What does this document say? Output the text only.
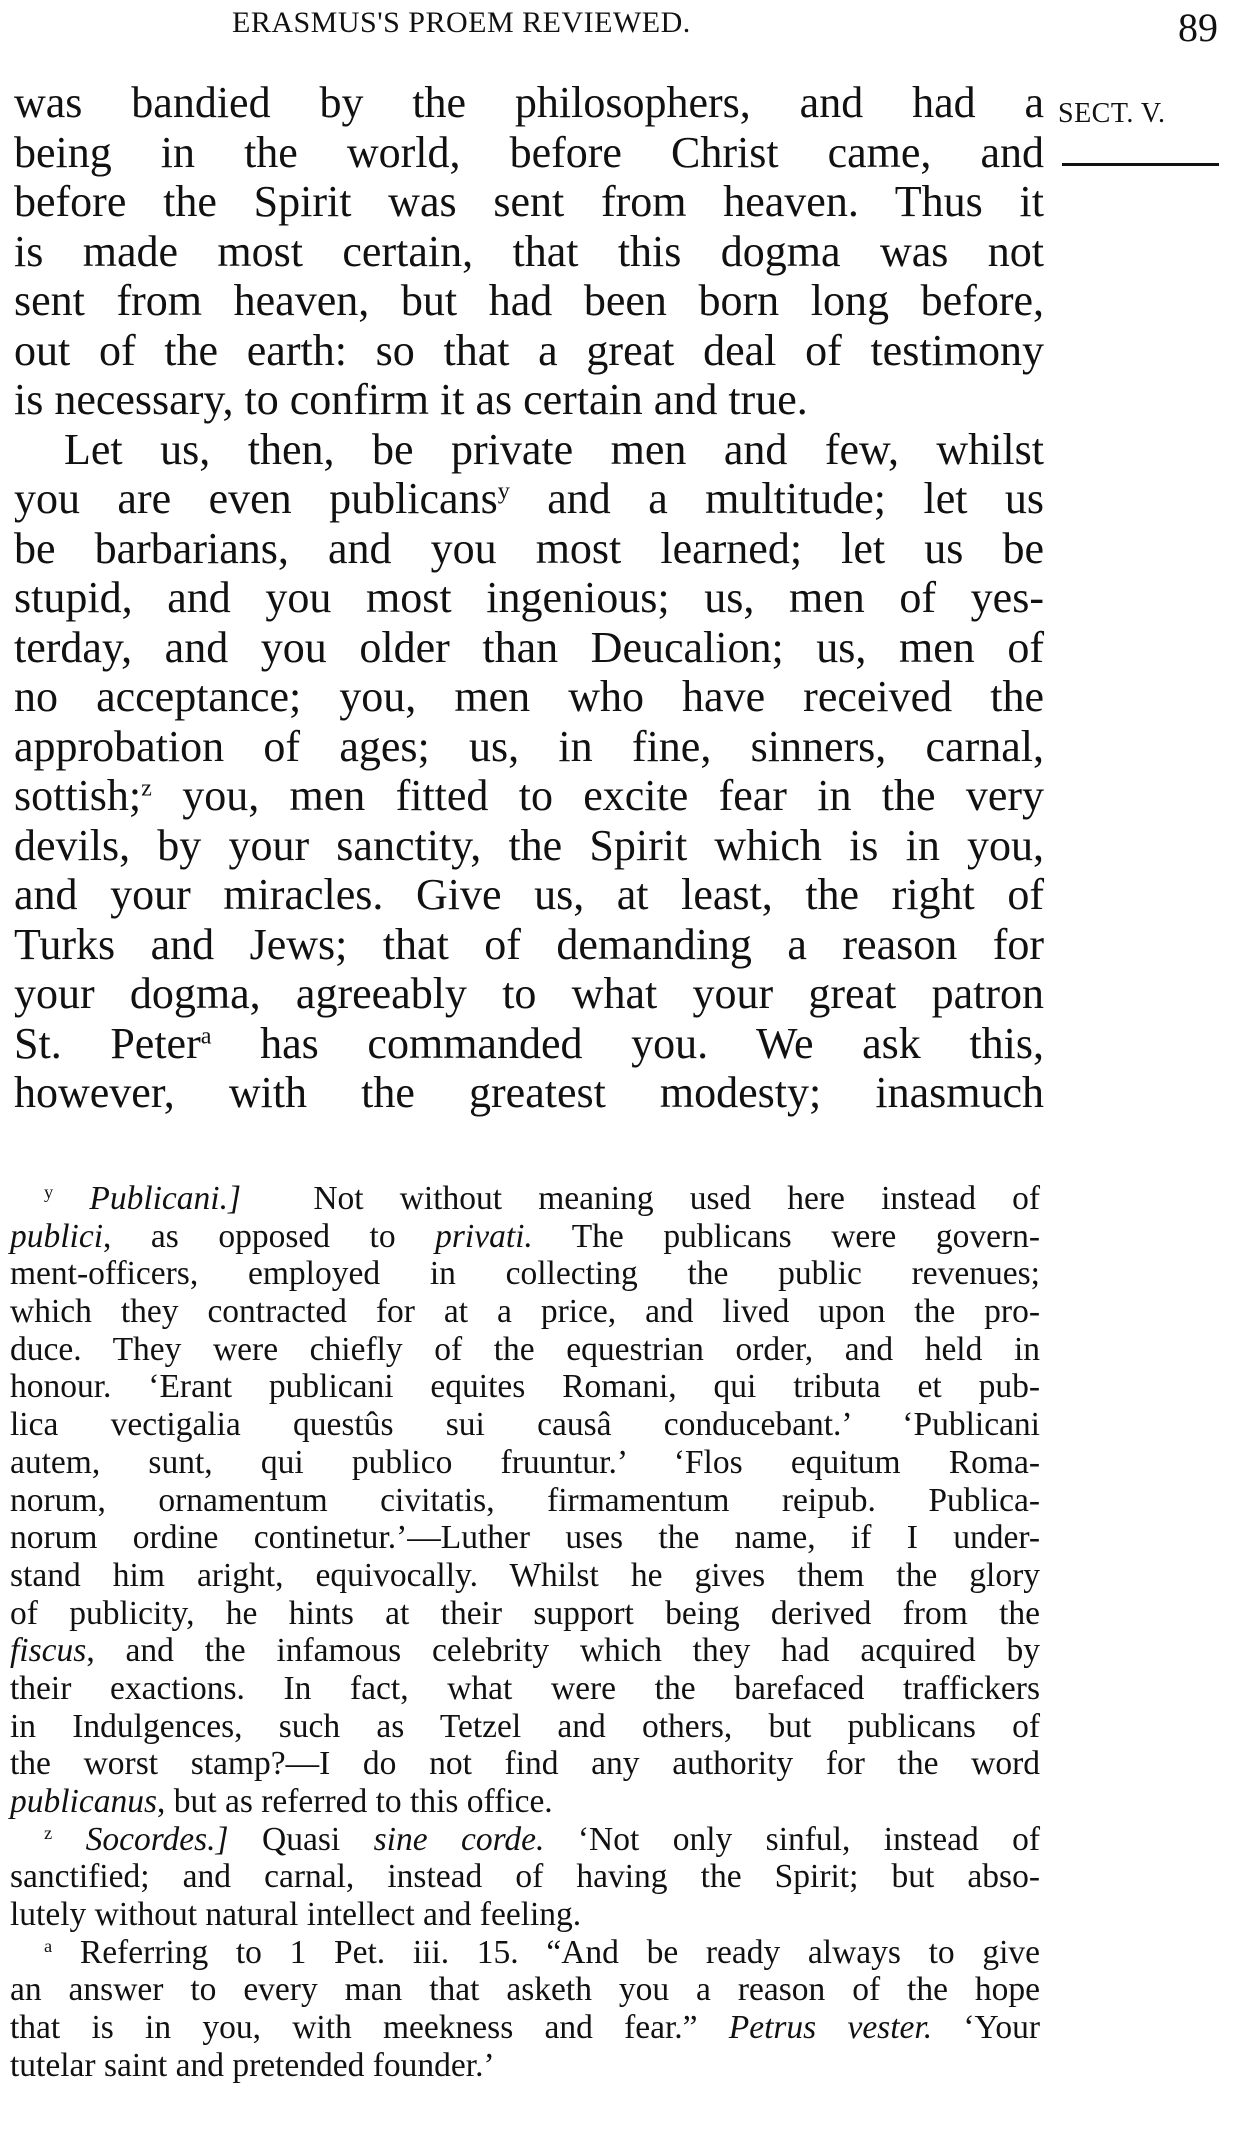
ERASMUS'S PROEM REVIEWED.	89
SECT. V.
was bandied by the philosophers, and had a
being in the world, before Christ came, and
before the Spirit was sent from heaven. Thus it
is made most certain, that this dogma was not
sent from heaven, but had been born long before,
out of the earth: so that a great deal of testimony
is necessary, to confirm it as certain and true.
Let us, then, be private men and few, whilst
you are even publicans$^y$ and a multitude; let us
be barbarians, and you most learned; let us be
stupid, and you most ingenious; us, men of yes-
terday, and you older than Deucalion; us, men of
no acceptance; you, men who have received the
approbation of ages; us, in fine, sinners, carnal,
sottish;$^z$ you, men fitted to excite fear in the very
devils, by your sanctity, the Spirit which is in you,
and your miracles. Give us, at least, the right of
Turks and Jews; that of demanding a reason for
your dogma, agreeably to what your great patron
St. Peter$^a$ has commanded you. We ask this,
however, with the greatest modesty; inasmuch
$^y$ Publicani.] Not without meaning used here instead of
publici, as opposed to privati. The publicans were govern-
ment-officers, employed in collecting the public revenues;
which they contracted for at a price, and lived upon the pro-
duce. They were chiefly of the equestrian order, and held in
honour. ‘Erant publicani equites Romani, qui tributa et pub-
lica vectigalia questûs sui causâ conducebant.’ ‘Publicani
autem, sunt, qui publico fruuntur.’ ‘Flos equitum Roma-
norum, ornamentum civitatis, firmamentum reipub. Publica-
norum ordine continetur.’—Luther uses the name, if I under-
stand him aright, equivocally. Whilst he gives them the glory
of publicity, he hints at their support being derived from the
fiscus, and the infamous celebrity which they had acquired by
their exactions. In fact, what were the barefaced traffickers
in Indulgences, such as Tetzel and others, but publicans of
the worst stamp?—I do not find any authority for the word
publicanus, but as referred to this office.
$^z$ Socordes.] Quasi sine corde. ‘Not only sinful, instead of
sanctified; and carnal, instead of having the Spirit; but abso-
lutely without natural intellect and feeling.
$^a$ Referring to 1 Pet. iii. 15. “And be ready always to give
an answer to every man that asketh you a reason of the hope
that is in you, with meekness and fear.” Petrus vester. ‘Your
tutelar saint and pretended founder.’
